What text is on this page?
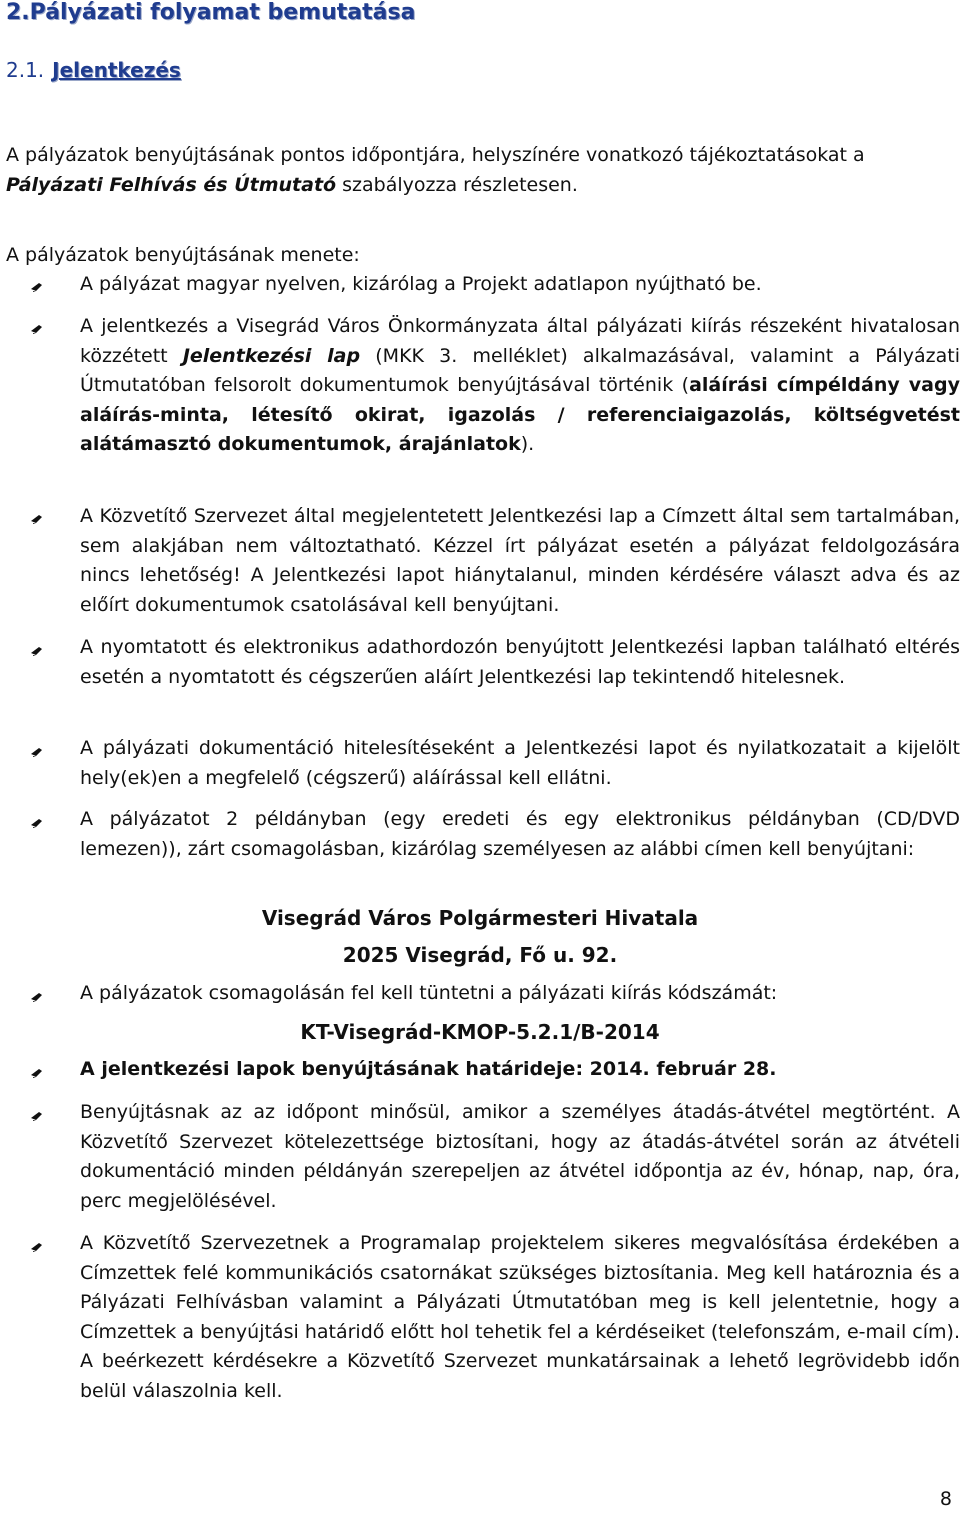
2.Pályázati folyamat bemutatása
2.1. Jelentkezés

A pályázatok benyújtásának pontos időpontjára, helyszínére vonatkozó tájékoztatásokat a Pályázati Felhívás és Útmutató szabályozza részletesen.

A pályázatok benyújtásának menete:

A pályázat magyar nyelven, kizárólag a Projekt adatlapon nyújtható be.

A jelentkezés a Visegrád Város Önkormányzata által pályázati kiírás részeként hivatalosan közzétett Jelentkezési lap (MKK 3. melléklet) alkalmazásával, valamint a Pályázati Útmutatóban felsorolt dokumentumok benyújtásával történik (aláírási címpéldány vagy aláírás-minta, létesítő okirat, igazolás / referenciaigazolás, költségvetést alátámasztó dokumentumok, árajánlatok).

A Közvetítő Szervezet által megjelentetett Jelentkezési lap a Címzett által sem tartalmában, sem alakjában nem változtatható. Kézzel írt pályázat esetén a pályázat feldolgozására nincs lehetőség! A Jelentkezési lapot hiánytalanul, minden kérdésére választ adva és az előírt dokumentumok csatolásával kell benyújtani.

A nyomtatott és elektronikus adathordozón benyújtott Jelentkezési lapban található eltérés esetén a nyomtatott és cégszerűen aláírt Jelentkezési lap tekintendő hitelesnek.

A pályázati dokumentáció hitelesítéseként a Jelentkezési lapot és nyilatkozatait a kijelölt hely(ek)en a megfelelő (cégszerű) aláírással kell ellátni.

A pályázatot 2 példányban (egy eredeti és egy elektronikus példányban (CD/DVD lemezen)), zárt csomagolásban, kizárólag személyesen az alábbi címen kell benyújtani:

Visegrád Város Polgármesteri Hivatala

2025 Visegrád, Fő u. 92.

A pályázatok csomagolásán fel kell tüntetni a pályázati kiírás kódszámát:

KT-Visegrád-KMOP-5.2.1/B-2014

A jelentkezési lapok benyújtásának határideje: 2014. február 28.

Benyújtásnak az az időpont minősül, amikor a személyes átadás-átvétel megtörtént. A Közvetítő Szervezet kötelezettsége biztosítani, hogy az átadás-átvétel során az átvételi dokumentáció minden példányán szerepeljen az átvétel időpontja az év, hónap, nap, óra, perc megjelölésével.

A Közvetítő Szervezetnek a Programalap projektelem sikeres megvalósítása érdekében a Címzettek felé kommunikációs csatornákat szükséges biztosítania. Meg kell határoznia és a Pályázati Felhívásban valamint a Pályázati Útmutatóban meg is kell jelentetnie, hogy a Címzettek a benyújtási határidő előtt hol tehetik fel a kérdéseiket (telefonszám, e-mail cím). A beérkezett kérdésekre a Közvetítő Szervezet munkatársainak a lehető legrövidebb időn belül válaszolnia kell.

8
